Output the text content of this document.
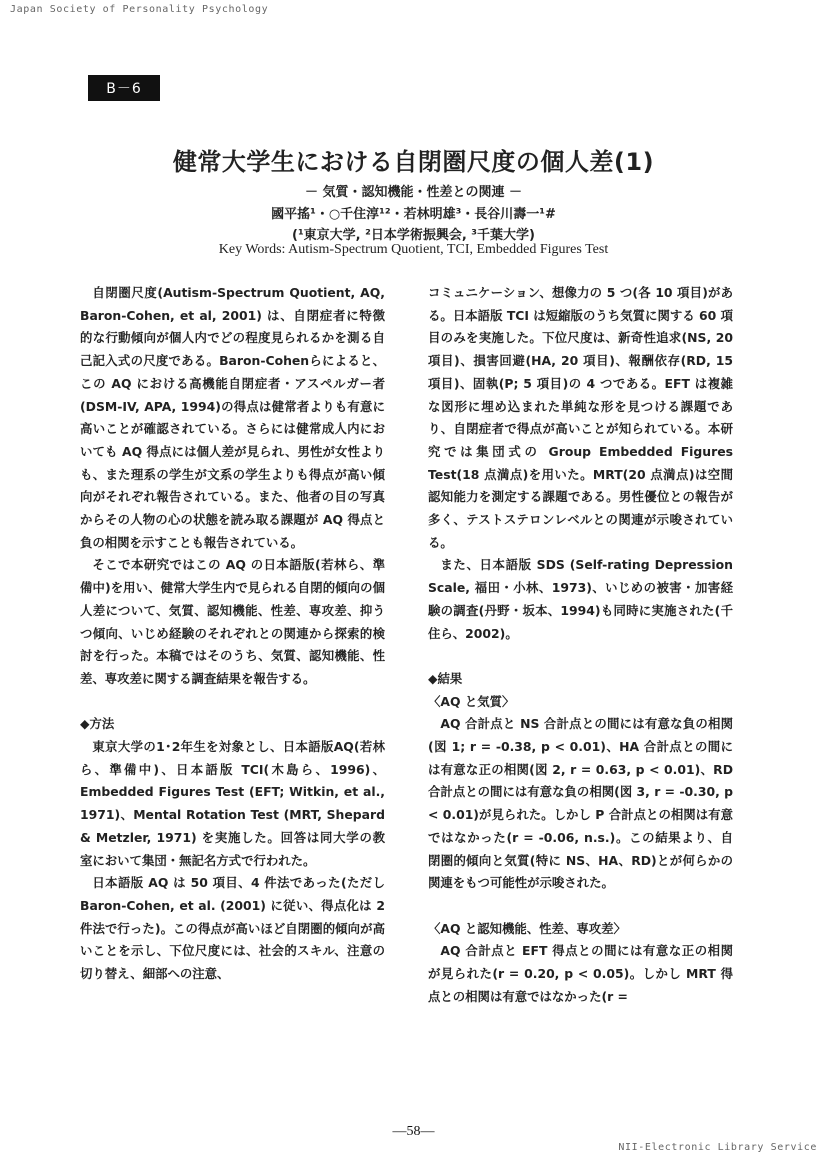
Japan Society of Personality Psychology
B－6
健常大学生における自閉圏尺度の個人差(1)
－ 気質・認知機能・性差との関連 －
國平搖¹・○千住淳¹²・若林明雄³・長谷川壽一¹#
(¹東京大学, ²日本学術振興会, ³千葉大学)
Key Words: Autism-Spectrum Quotient, TCI, Embedded Figures Test

自閉圏尺度(Autism-Spectrum Quotient, AQ, Baron-Cohen, et al, 2001) は、自閉症者に特徴的な行動傾向が個人内でどの程度見られるかを測る自己記入式の尺度である。Baron-Cohenらによると、この AQ における高機能自閉症者・アスペルガー者(DSM-IV, APA, 1994)の得点は健常者よりも有意に高いことが確認されている。さらには健常成人内においても AQ 得点には個人差が見られ、男性が女性よりも、また理系の学生が文系の学生よりも得点が高い傾向がそれぞれ報告されている。また、他者の目の写真からその人物の心の状態を読み取る課題が AQ 得点と負の相関を示すことも報告されている。

そこで本研究ではこの AQ の日本語版(若林ら、準備中)を用い、健常大学生内で見られる自閉的傾向の個人差について、気質、認知機能、性差、専攻差、抑うつ傾向、いじめ経験のそれぞれとの関連から探索的検討を行った。本稿ではそのうち、気質、認知機能、性差、専攻差に関する調査結果を報告する。

◆方法

東京大学の1･2年生を対象とし、日本語版AQ(若林ら、準備中)、日本語版 TCI(木島ら、1996)、Embedded Figures Test (EFT; Witkin, et al., 1971)、Mental Rotation Test (MRT, Shepard & Metzler, 1971) を実施した。回答は同大学の教室において集団・無記名方式で行われた。

日本語版 AQ は 50 項目、4 件法であった(ただし Baron-Cohen, et al. (2001) に従い、得点化は 2 件法で行った)。この得点が高いほど自閉圏的傾向が高いことを示し、下位尺度には、社会的スキル、注意の切り替え、細部への注意、

コミュニケーション、想像力の 5 つ(各 10 項目)がある。日本語版 TCI は短縮版のうち気質に関する 60 項目のみを実施した。下位尺度は、新奇性追求(NS, 20 項目)、損害回避(HA, 20 項目)、報酬依存(RD, 15 項目)、固執(P; 5 項目)の 4 つである。EFT は複雑な図形に埋め込まれた単純な形を見つける課題であり、自閉症者で得点が高いことが知られている。本研究では集団式の Group Embedded Figures Test(18 点満点)を用いた。MRT(20 点満点)は空間認知能力を測定する課題である。男性優位との報告が多く、テストステロンレベルとの関連が示唆されている。

また、日本語版 SDS (Self-rating Depression Scale, 福田・小林、1973)、いじめの被害・加害経験の調査(丹野・坂本、1994)も同時に実施された(千住ら、2002)。

◆結果
〈AQ と気質〉

AQ 合計点と NS 合計点との間には有意な負の相関(図 1; r = -0.38, p < 0.01)、HA 合計点との間には有意な正の相関(図 2, r = 0.63, p < 0.01)、RD 合計点との間には有意な負の相関(図 3, r = -0.30, p < 0.01)が見られた。しかし P 合計点との相関は有意ではなかった(r = -0.06, n.s.)。この結果より、自閉圏的傾向と気質(特に NS、HA、RD)とが何らかの関連をもつ可能性が示唆された。

〈AQ と認知機能、性差、専攻差〉

AQ 合計点と EFT 得点との間には有意な正の相関が見られた(r = 0.20, p < 0.05)。しかし MRT 得点との相関は有意ではなかった(r =

—58—
NII-Electronic Library Service
